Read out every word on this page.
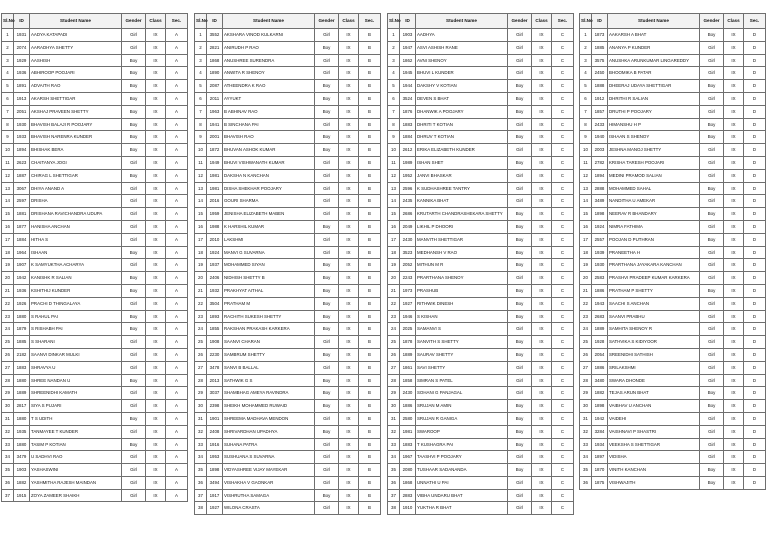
Sl.No	ID	Student Name	Gender	Class	Sec.
1	1931	AADYA KATAPADI	Girl	IX	A
2	2074	AARADHYA SHETTY	Girl	IX	A
3	1929	AASHISH	Boy	IX	A
4	1936	ABHIROOP POOJARI	Boy	IX	A
5	1891	ADVAITH RAO	Boy	IX	A
6	1913	AKARSH SHETTIGAR	Boy	IX	A
7	2051	AKSHAJ PRAVEEN SHETTY	Boy	IX	A
8	1930	BHAVISH BALAJI R POOJARY	Boy	IX	A
9	1933	BHAVISH NARENRA KUNDER	Boy	IX	A
10	1894	BHISHAK BERA	Boy	IX	A
11	2623	CHAITANYA JOGI	Girl	IX	A
12	1887	CHIRAG L SHETTIGAR	Boy	IX	A
13	3067	DHIYA ANAND A	Girl	IX	A
14	2597	DRISHA	Girl	IX	A
15	1881	DRISHANA RAVICHANDRA UDUPA	Girl	IX	A
16	1877	HANISHA ANCHAN	Girl	IX	A
17	1884	HITHA S	Girl	IX	A
18	1964	ISHAAN	Boy	IX	A
19	1907	K SAMYUKTHA ACHARYA	Girl	IX	A
20	1942	KANISHK R SALIAN	Boy	IX	A
21	1936	KSHITHIJ KUNDER	Boy	IX	A
22	1926	PRACHI D THINGALAYA	Girl	IX	A
23	1880	S RAHUL PAI	Boy	IX	A
24	1879	S RISHABH PAI	Boy	IX	A
25	1885	S SHARANI	Girl	IX	A
26	2182	SAANVI DINKAR MULKI	Girl	IX	A
27	1883	SHRAVYA U	Girl	IX	A
28	1880	SHREE NANDAN U	Boy	IX	A
29	1889	SHREENIDHI KAMATH	Girl	IX	A
30	2817	SIYA S PUJARI	Girl	IX	A
31	1880	T S UDITH	Boy	IX	A
32	1935	TANMAYEE T KUNDER	Girl	IX	A
33	1880	TASIM P KOTIAN	Boy	IX	A
34	3479	U SADHVI RAO	Girl	IX	A
35	1903	YASHASWINI	Girl	IX	A
36	1882	YASHMITHA RAJESH MAINDAN	Girl	IX	A
37	1915	ZOYA ZAMEER SHAIKH	Girl	IX	A
Sl.No	ID	Student Name	Gender	Class	Sec.
1	3552	AKSHARA VINOD KULKARNI	Girl	IX	B
2	2821	ANIRUDH P RAO	Boy	IX	B
3	1868	ANUSHREE SURENDRA	Girl	IX	B
4	1890	ANWITA R SHENOY	Girl	IX	B
5	2087	ATHEENDRA K RAO	Boy	IX	B
6	2011	AYYUKT	Boy	IX	B
7	1963	B ABHINAV RAO	Boy	IX	B
8	1941	B SINCHANA PAI	Girl	IX	B
9	2001	BHAVISH RAO	Boy	IX	B
10	1872	BHUVAN ASHOK KUMAR	Boy	IX	B
11	1949	BHUVI VISHWANATH KUMAR	Girl	IX	B
12	1981	DAKSHA N KANCHAN	Girl	IX	B
13	1981	DISHA SHEKHAR POOJARY	Girl	IX	B
14	2016	GOURI SHARMA	Girl	IX	B
15	1959	JENISHA ELIZABETH MABEN	Girl	IX	B
16	1988	K HARSHIL KUMAR	Boy	IX	B
17	2010	LAKSHMI	Girl	IX	B
18	1924	MANVI G SUVARNA	Girl	IX	B
19	1937	MOHAMMED SIYAN	Boy	IX	B
20	2406	NIDHISH SHETTY B	Boy	IX	B
21	1932	PRAKHYAT AITHAL	Boy	IX	B
22	3504	PRATHAM M	Boy	IX	B
23	1893	RACHITH SUKESH SHETTY	Boy	IX	B
24	1855	RAKSHAN PRAKASH KARKERA	Boy	IX	B
25	1908	SAANVI CHARAN	Girl	IX	B
26	2230	SAMBRUM SHETTY	Boy	IX	B
27	3478	SANVI B BALLAL	Girl	IX	B
28	2013	SATHWIK G S	Boy	IX	B
29	3037	SHAMBHAG AMEYA RAVINDRA	Boy	IX	B
30	2398	SHEIKH MOHAMMED RUWAID	Boy	IX	B
31	1901	SHREEMA MADHAVA MENDON	Girl	IX	B
32	2408	SHRIVARDHAN UPADHYA	Boy	IX	B
33	1916	SUHANA PATRA	Girl	IX	B
34	1953	SUSHUANA S SUVARNA	Girl	IX	B
35	1898	VIDYASHREE VIJAY MAYEKAR	Girl	IX	B
36	3494	VISHAKHA V GAONKAR	Girl	IX	B
37	1917	VISHRUTHA SAMAGA	Boy	IX	B
38	1927	WILONA CRASTA	Girl	IX	B
Sl.No	ID	Student Name	Gender	Class	Sec.
1	1903	AADHYA	Girl	IX	C
2	1947	ASVI ASHISH RANE	Girl	IX	C
3	1862	AVNI SHENOY	Girl	IX	C
4	1945	BHUVI L KUNDER	Girl	IX	C
5	1944	DAKSHY V KOTIAN	Boy	IX	C
6	3524	DEVEN S BHAT	Boy	IX	C
7	1876	DHANWIK A POOJARY	Boy	IX	C
8	1883	DHRITI T KOTIAN	Girl	IX	C
9	1884	DHRUV T KOTIAN	Boy	IX	C
10	2612	ERIKA ELIZABETH KUNDER	Girl	IX	C
11	1989	ISHAN SHET	Boy	IX	C
12	1952	JANVI BHASKAR	Girl	IX	C
13	2596	K SUDHASHREE TANTRY	Girl	IX	C
14	2435	KANNIKA BHAT	Girl	IX	C
15	2686	KRUTARTH CHANDRASHEKARA SHETTY	Boy	IX	C
16	2049	LIKHIL P DHOORI	Boy	IX	C
17	2430	MANVITH SHETTIGAR	Boy	IX	C
18	3523	MEDHANSH V RAO	Boy	IX	C
19	2052	MITHUN M R	Boy	IX	C
20	2243	PRARTHANA SHENOY	Girl	IX	C
21	1973	PRASHUB	Boy	IX	C
22	1927	RITHWIK DINESH	Boy	IX	C
23	1946	S KISHAN	Boy	IX	C
24	2025	SAMANVI S	Girl	IX	C
25	1878	SANVITH S SHETTY	Boy	IX	C
26	1889	SAURAV SHETTY	Boy	IX	C
27	1861	SAVI SHETTY	Girl	IX	C
28	1858	SIMRAN S PATEL	Girl	IX	C
29	2430	SOHANI G PANJAGAL	Girl	IX	C
30	1886	SRUJAN M AMIN	Boy	IX	C
31	2580	SRUJAN R GANIGA	Boy	IX	C
32	1981	SWAROOP	Boy	IX	C
33	1883	T KUSHAGRA PAI	Boy	IX	C
34	1967	TAASHVI P POOJARY	Girl	IX	C
35	2080	TUSHAAR SADANANDA	Boy	IX	C
36	1868	UNNATHI U PAI	Girl	IX	C
37	2883	VIBHA UNDARU BHAT	Girl	IX	C
38	1910	YUKTHA R BHAT	Girl	IX	C
Sl.No	ID	Student Name	Gender	Class	Sec.
1	1873	AAKARSH A BHAT	Boy	IX	D
2	1885	ANANYA P KUNDER	Girl	IX	D
3	3575	ANUSHKA ARUNKUMAR LINGAREDDY	Girl	IX	D
4	2450	BHOOMIKA B PATAR	Girl	IX	D
5	1888	DHEERAJ UDAYA SHETTIGAR	Boy	IX	D
6	1912	DHRITHI R SALIAN	Girl	IX	D
7	1857	DRUTHI P POOJARY	Girl	IX	D
8	2433	HIMANSHU H P	Boy	IX	D
9	1940	ISHAAN S SHENOY	Boy	IX	D
10	2003	JESHNA MANOJ SHETTY	Girl	IX	D
11	2782	KRISHA TARESH POOJARI	Girl	IX	D
12	1894	MEDINI PRAMOD SALIAN	Girl	IX	D
13	2888	MOHAMMED SAHAL	Boy	IX	D
14	3489	NANDITHA U AMEKAR	Girl	IX	D
15	1898	NEERAV R BHANDARY	Boy	IX	D
16	1924	NIMRA FATHIMA	Girl	IX	D
17	2557	POOJAN D PUTHRAN	Boy	IX	D
18	1939	PRANEETHA H	Girl	IX	D
19	1930	PRARTHANA JAYAKARA KANCHAN	Girl	IX	D
20	2583	PRASHVI PRADEEP KUMAR KARKERA	Girl	IX	D
21	1886	PRATHAM P SHETTY	Boy	IX	D
22	1943	SAACHI S ANCHAN	Girl	IX	D
23	2683	SAANVI PRABHU	Girl	IX	D
24	1889	SAMHITA SHENOY R	Girl	IX	D
25	1928	SATHVIKA S KIDIYOOR	Girl	IX	D
26	2054	SREENIDHI SATHISH	Girl	IX	D
27	1886	SRILAKSHMI	Girl	IX	D
28	3480	SWARA DHONDE	Girl	IX	D
29	1882	TEJAS ARUN BHAT	Boy	IX	D
30	1898	VAIBHAV U ANCHAN	Boy	IX	D
31	1942	VAIDEHI	Girl	IX	D
32	3284	VAISHNAVI P SHASTRI	Girl	IX	D
33	1934	VEEKSHA S SHETTIGAR	Girl	IX	D
34	1897	VIDISHA	Girl	IX	D
35	1870	VINITH KANCHAN	Boy	IX	D
36	1875	VISHWAJITH	Boy	IX	D
